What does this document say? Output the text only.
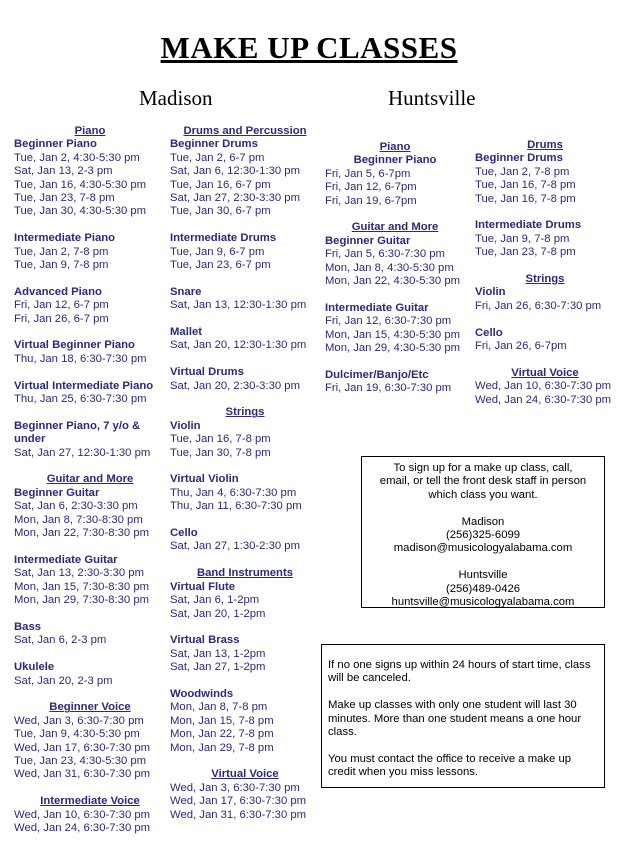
MAKE UP CLASSES
Madison	Huntsville
Piano
Beginner Piano
Tue, Jan 2, 4:30-5:30 pm
Sat, Jan 13, 2-3 pm
Tue, Jan 16, 4:30-5:30 pm
Tue, Jan 23, 7-8 pm
Tue, Jan 30, 4:30-5:30 pm
Intermediate Piano
Tue, Jan 2, 7-8 pm
Tue, Jan 9, 7-8 pm
Advanced Piano
Fri, Jan 12, 6-7 pm
Fri, Jan 26, 6-7 pm
Virtual Beginner Piano
Thu, Jan 18, 6:30-7:30 pm
Virtual Intermediate Piano
Thu, Jan 25, 6:30-7:30 pm
Beginner Piano, 7 y/o &
under
Sat, Jan 27, 12:30-1:30 pm
Guitar and More
Beginner Guitar
Sat, Jan 6, 2:30-3:30 pm
Mon, Jan 8, 7:30-8:30 pm
Mon, Jan 22, 7:30-8:30 pm
Intermediate Guitar
Sat, Jan 13, 2:30-3:30 pm
Mon, Jan 15, 7:30-8:30 pm
Mon, Jan 29, 7:30-8:30 pm
Bass
Sat, Jan 6, 2-3 pm
Ukulele
Sat, Jan 20, 2-3 pm
Beginner Voice
Wed, Jan 3, 6:30-7:30 pm
Tue, Jan 9, 4:30-5:30 pm
Wed, Jan 17, 6:30-7:30 pm
Tue, Jan 23, 4:30-5:30 pm
Wed, Jan 31, 6:30-7:30 pm
Intermediate Voice
Wed, Jan 10, 6:30-7:30 pm
Wed, Jan 24, 6:30-7:30 pm
Drums and Percussion
Beginner Drums
Tue, Jan 2, 6-7 pm
Sat, Jan 6, 12:30-1:30 pm
Tue, Jan 16, 6-7 pm
Sat, Jan 27, 2:30-3:30 pm
Tue, Jan 30, 6-7 pm
Intermediate Drums
Tue, Jan 9, 6-7 pm
Tue, Jan 23, 6-7 pm
Snare
Sat, Jan 13, 12:30-1:30 pm
Mallet
Sat, Jan 20, 12:30-1:30 pm
Virtual Drums
Sat, Jan 20, 2:30-3:30 pm
Strings
Violin
Tue, Jan 16, 7-8 pm
Tue, Jan 30, 7-8 pm
Virtual Violin
Thu, Jan 4, 6:30-7:30 pm
Thu, Jan 11, 6:30-7:30 pm
Cello
Sat, Jan 27, 1:30-2:30 pm
Band Instruments
Virtual Flute
Sat, Jan 6, 1-2pm
Sat, Jan 20, 1-2pm
Virtual Brass
Sat, Jan 13, 1-2pm
Sat, Jan 27, 1-2pm
Woodwinds
Mon, Jan 8, 7-8 pm
Mon, Jan 15, 7-8 pm
Mon, Jan 22, 7-8 pm
Mon, Jan 29, 7-8 pm
Virtual Voice
Wed, Jan 3, 6:30-7:30 pm
Wed, Jan 17, 6:30-7:30 pm
Wed, Jan 31, 6:30-7:30 pm
Piano
Beginner Piano
Fri, Jan 5, 6-7pm
Fri, Jan 12, 6-7pm
Fri, Jan 19, 6-7pm
Guitar and More
Beginner Guitar
Fri, Jan 5, 6:30-7:30 pm
Mon, Jan 8, 4:30-5:30 pm
Mon, Jan 22, 4:30-5:30 pm
Intermediate Guitar
Fri, Jan 12, 6:30-7:30 pm
Mon, Jan 15, 4:30-5:30 pm
Mon, Jan 29, 4:30-5:30 pm
Dulcimer/Banjo/Etc
Fri, Jan 19, 6:30-7:30 pm
Drums
Beginner Drums
Tue, Jan 2, 7-8 pm
Tue, Jan 16, 7-8 pm
Tue, Jan 16, 7-8 pm
Intermediate Drums
Tue, Jan 9, 7-8 pm
Tue, Jan 23, 7-8 pm
Strings
Violin
Fri, Jan 26, 6:30-7:30 pm
Cello
Fri, Jan 26, 6-7pm
Virtual Voice
Wed, Jan 10, 6:30-7:30 pm
Wed, Jan 24, 6:30-7:30 pm

To sign up for a make up class, call,

email, or tell the front desk staff in person

which class you want.

Madison

(256)325-6099

madison@musicologyalabama.com

Huntsville

(256)489-0426

huntsville@musicologyalabama.com

If no one signs up within 24 hours of start time, class

will be canceled.

Make up classes with only one student will last 30

minutes. More than one student means a one hour

class.

You must contact the office to receive a make up

credit when you miss lessons.
